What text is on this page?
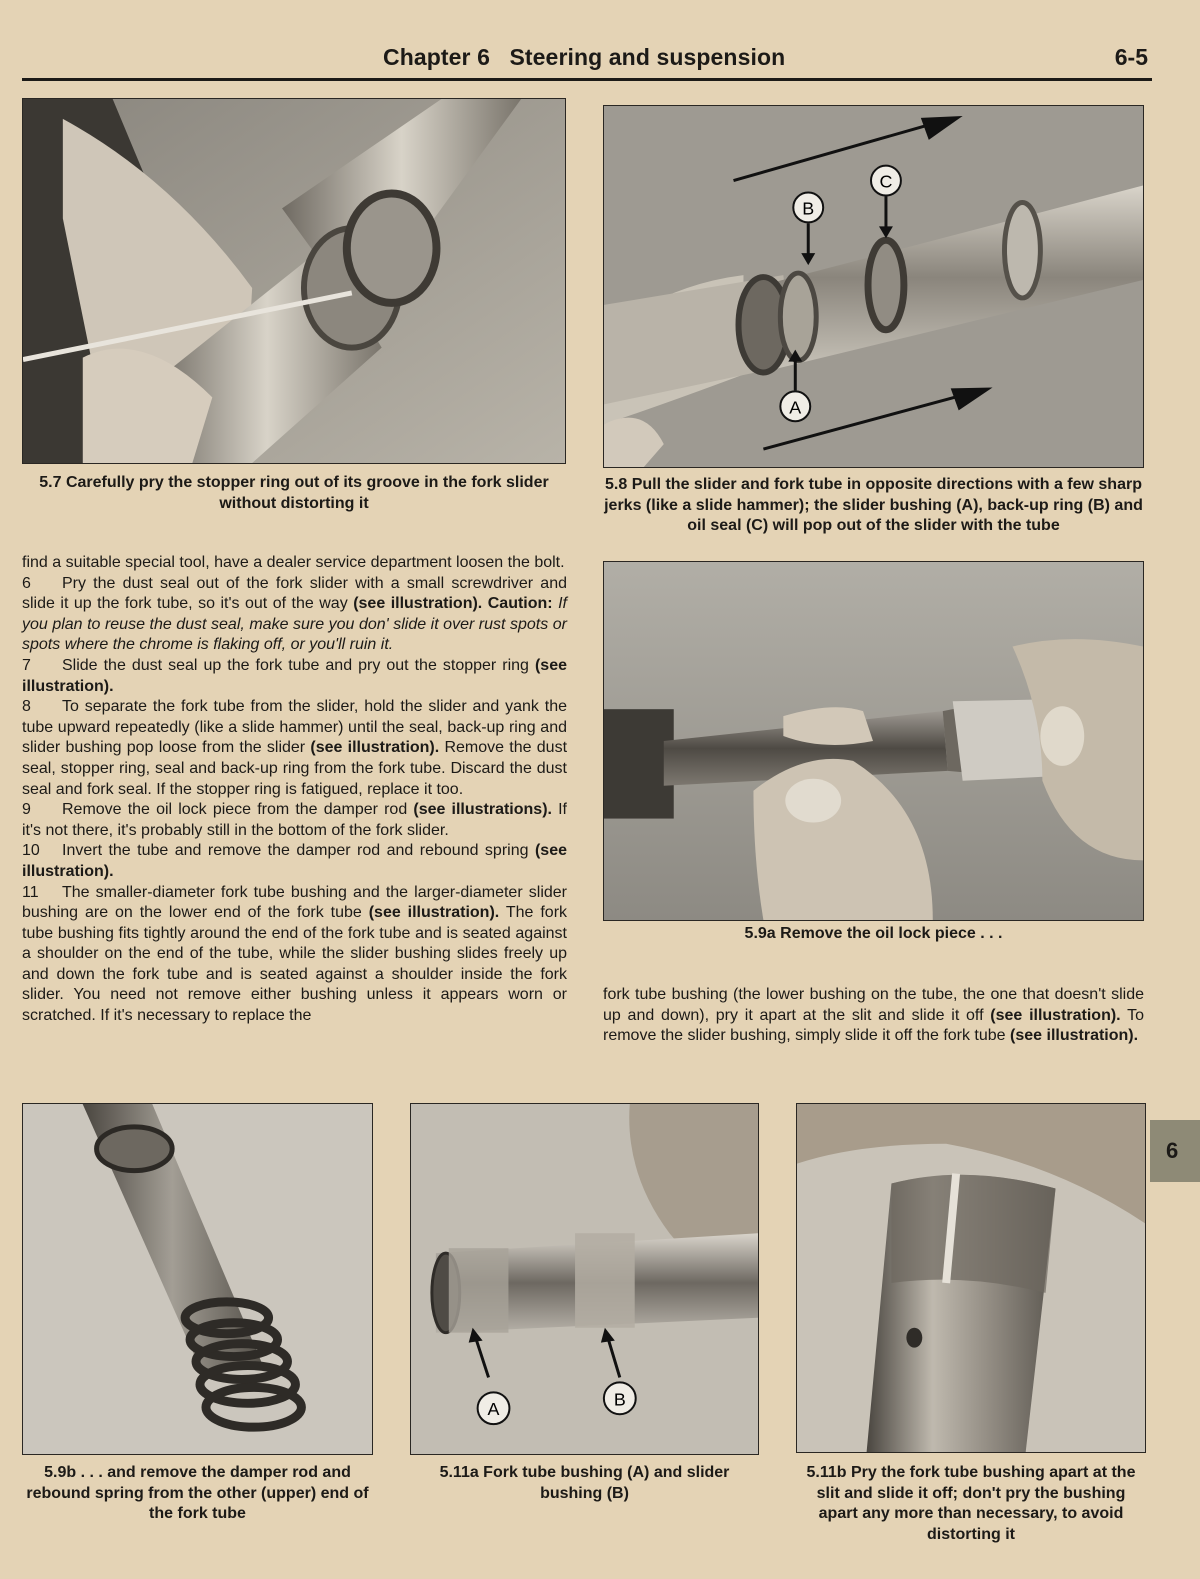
Chapter 6 Steering and suspension	6-5
B
C
A
5.7 Carefully pry the stopper ring out of its groove in the fork slider without distorting it
5.8 Pull the slider and fork tube in opposite directions with a few sharp jerks (like a slide hammer); the slider bushing (A), back-up ring (B) and oil seal (C) will pop out of the slider with the tube

find a suitable special tool, have a dealer service department loosen the bolt.

6 Pry the dust seal out of the fork slider with a small screwdriver and slide it up the fork tube, so it's out of the way (see illustration). Caution: If you plan to reuse the dust seal, make sure you don' slide it over rust spots or spots where the chrome is flaking off, or you'll ruin it.

7 Slide the dust seal up the fork tube and pry out the stopper ring (see illustration).

8 To separate the fork tube from the slider, hold the slider and yank the tube upward repeatedly (like a slide hammer) until the seal, back-up ring and slider bushing pop loose from the slider (see illustration). Remove the dust seal, stopper ring, seal and back-up ring from the fork tube. Discard the dust seal and fork seal. If the stopper ring is fatigued, replace it too.

9 Remove the oil lock piece from the damper rod (see illustrations). If it's not there, it's probably still in the bottom of the fork slider.

10 Invert the tube and remove the damper rod and rebound spring (see illustration).

11 The smaller-diameter fork tube bushing and the larger-diameter slider bushing are on the lower end of the fork tube (see illustration). The fork tube bushing fits tightly around the end of the fork tube and is seated against a shoulder on the end of the tube, while the slider bushing slides freely up and down the fork tube and is seated against a shoulder inside the fork slider. You need not remove either bushing unless it appears worn or scratched. If it's necessary to replace the

5.9a Remove the oil lock piece . . .

fork tube bushing (the lower bushing on the tube, the one that doesn't slide up and down), pry it apart at the slit and slide it off (see illustration). To remove the slider bushing, simply slide it off the fork tube (see illustration).

5.9b . . . and remove the damper rod and rebound spring from the other (upper) end of the fork tube
A	B
5.11a Fork tube bushing (A) and slider bushing (B)
5.11b Pry the fork tube bushing apart at the slit and slide it off; don't pry the bushing apart any more than necessary, to avoid distorting it
6
